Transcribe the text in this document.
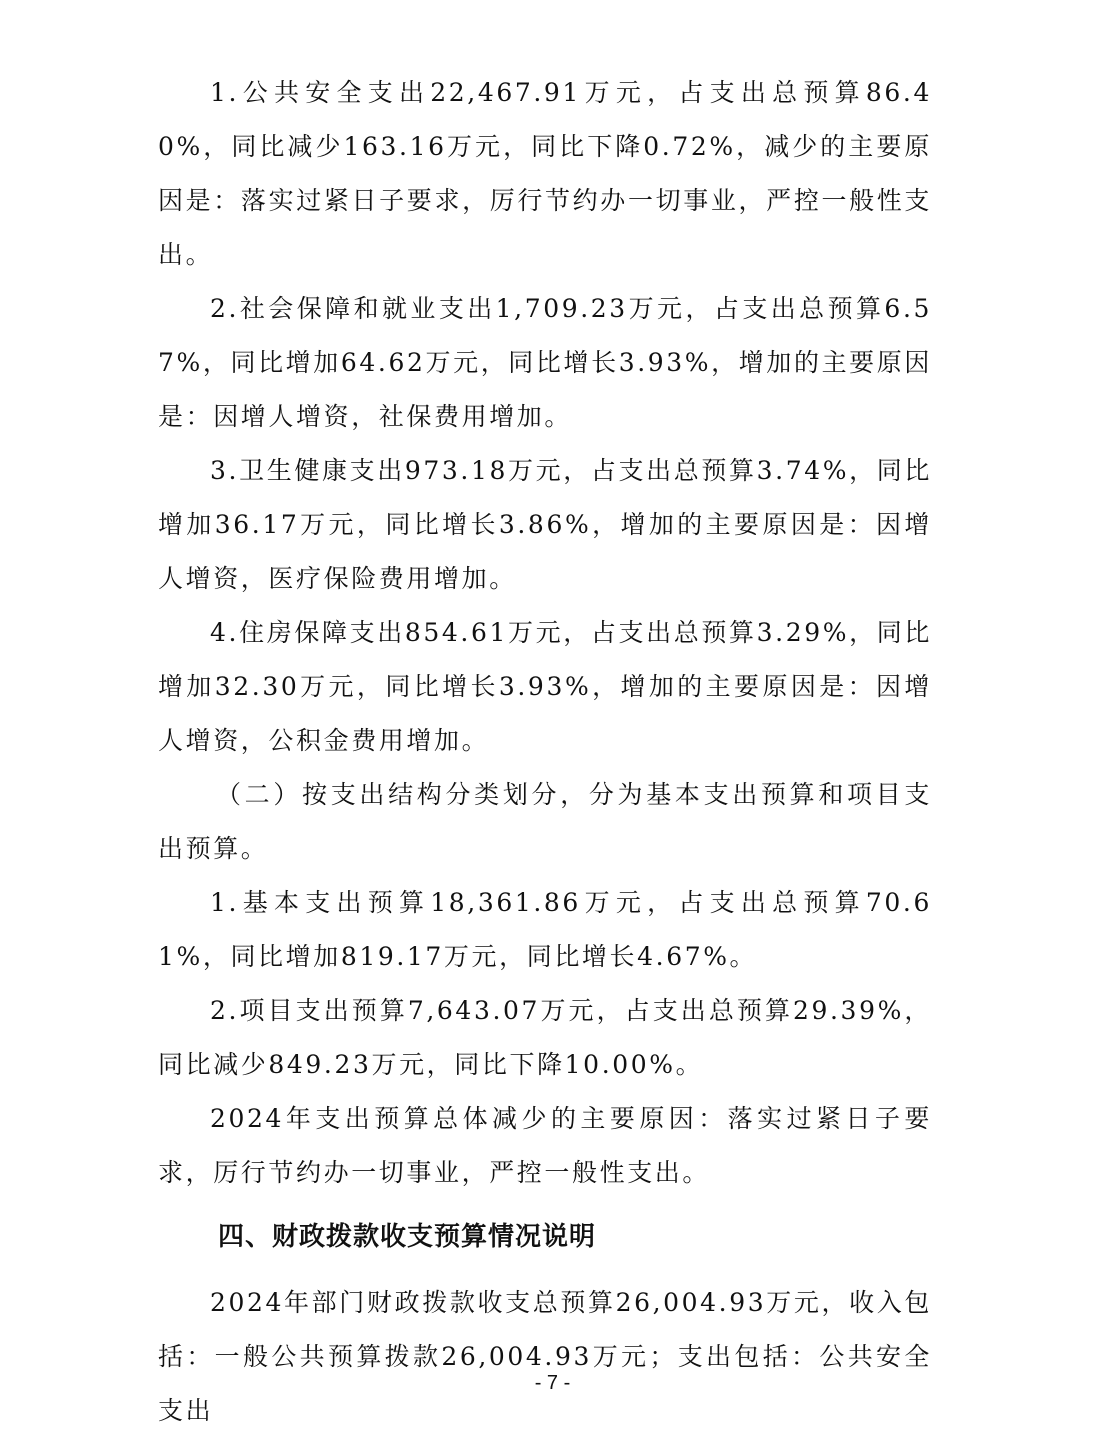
1.公共安全支出22,467.91万元，占支出总预算86.40%，同比减少163.16万元，同比下降0.72%，减少的主要原因是：落实过紧日子要求，厉行节约办一切事业，严控一般性支出。

2.社会保障和就业支出1,709.23万元，占支出总预算6.57%，同比增加64.62万元，同比增长3.93%，增加的主要原因是：因增人增资，社保费用增加。

3.卫生健康支出973.18万元，占支出总预算3.74%，同比增加36.17万元，同比增长3.86%，增加的主要原因是：因增人增资，医疗保险费用增加。

4.住房保障支出854.61万元，占支出总预算3.29%，同比增加32.30万元，同比增长3.93%，增加的主要原因是：因增人增资，公积金费用增加。

（二）按支出结构分类划分，分为基本支出预算和项目支出预算。

1.基本支出预算18,361.86万元，占支出总预算70.61%，同比增加819.17万元，同比增长4.67%。

2.项目支出预算7,643.07万元，占支出总预算29.39%，同比减少849.23万元，同比下降10.00%。

2024年支出预算总体减少的主要原因：落实过紧日子要求，厉行节约办一切事业，严控一般性支出。

四、财政拨款收支预算情况说明

2024年部门财政拨款收支总预算26,004.93万元，收入包括：一般公共预算拨款26,004.93万元；支出包括：公共安全支出

- 7 -
